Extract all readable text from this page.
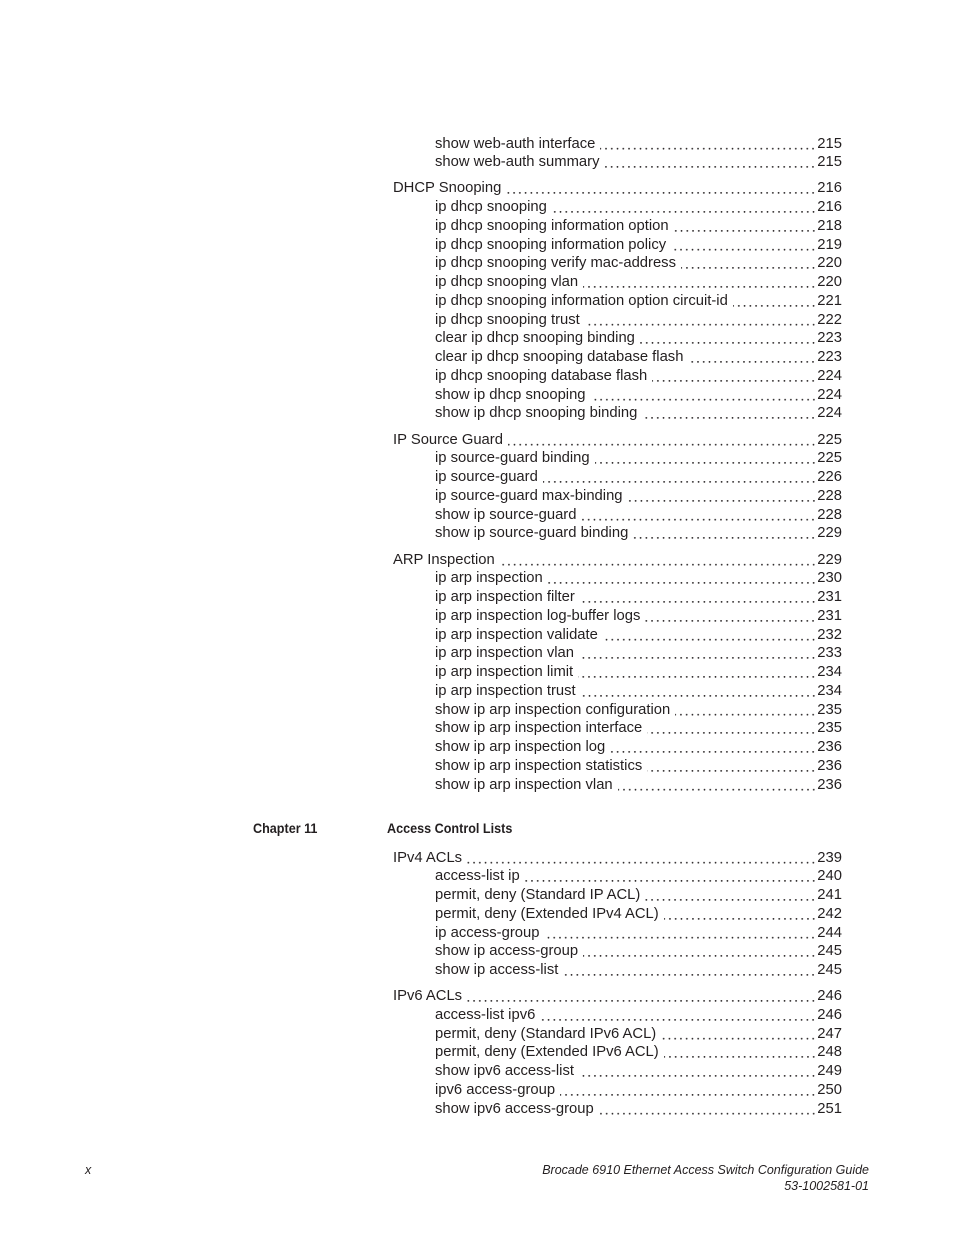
show web-auth interface	215
show web-auth summary	215
DHCP Snooping	216
ip dhcp snooping	216
ip dhcp snooping information option	218
ip dhcp snooping information policy	219
ip dhcp snooping verify mac-address	220
ip dhcp snooping vlan	220
ip dhcp snooping information option circuit-id	221
ip dhcp snooping trust	222
clear ip dhcp snooping binding	223
clear ip dhcp snooping database flash	223
ip dhcp snooping database flash	224
show ip dhcp snooping	224
show ip dhcp snooping binding	224
IP Source Guard	225
ip source-guard binding	225
ip source-guard	226
ip source-guard max-binding	228
show ip source-guard	228
show ip source-guard binding	229
ARP Inspection	229
ip arp inspection	230
ip arp inspection filter	231
ip arp inspection log-buffer logs	231
ip arp inspection validate	232
ip arp inspection vlan	233
ip arp inspection limit	234
ip arp inspection trust	234
show ip arp inspection configuration	235
show ip arp inspection interface	235
show ip arp inspection log	236
show ip arp inspection statistics	236
show ip arp inspection vlan	236
Chapter 11	Access Control Lists
IPv4 ACLs	239
access-list ip	240
permit, deny (Standard IP ACL)	241
permit, deny (Extended IPv4 ACL)	242
ip access-group	244
show ip access-group	245
show ip access-list	245
IPv6 ACLs	246
access-list ipv6	246
permit, deny (Standard IPv6 ACL)	247
permit, deny (Extended IPv6 ACL)	248
show ipv6 access-list	249
ipv6 access-group	250
show ipv6 access-group	251
x	Brocade 6910 Ethernet Access Switch Configuration Guide
53-1002581-01
